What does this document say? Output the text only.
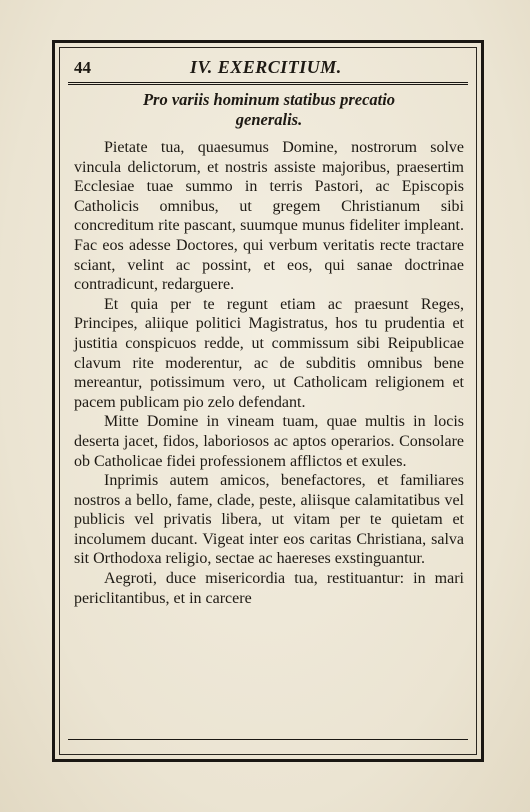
44	IV. EXERCITIUM.
Pro variis hominum statibus precatio
generalis.

Pietate tua, quaesumus Domine, nostrorum solve vincula delictorum, et nostris assiste majoribus, praesertim Ecclesiae tuae summo in terris Pastori, ac Episcopis Catholicis omnibus, ut gregem Christianum sibi concreditum rite pascant, suumque munus fideliter impleant. Fac eos adesse Doctores, qui verbum veritatis recte tractare sciant, velint ac possint, et eos, qui sanae doctrinae contradicunt, redarguere.

Et quia per te regunt etiam ac praesunt Reges, Principes, aliique politici Magistratus, hos tu prudentia et justitia conspicuos redde, ut commissum sibi Reipublicae clavum rite moderentur, ac de subditis omnibus bene mereantur, potissimum vero, ut Catholicam religionem et pacem publicam pio zelo defendant.

Mitte Domine in vineam tuam, quae multis in locis deserta jacet, fidos, laboriosos ac aptos operarios. Consolare ob Catholicae fidei professionem afflictos et exules.

Inprimis autem amicos, benefactores, et familiares nostros a bello, fame, clade, peste, aliisque calamitatibus vel publicis vel privatis libera, ut vitam per te quietam et incolumem ducant. Vigeat inter eos caritas Christiana, salva sit Orthodoxa religio, sectae ac haereses exstinguantur.

Aegroti, duce misericordia tua, restituantur: in mari periclitantibus, et in carcere
